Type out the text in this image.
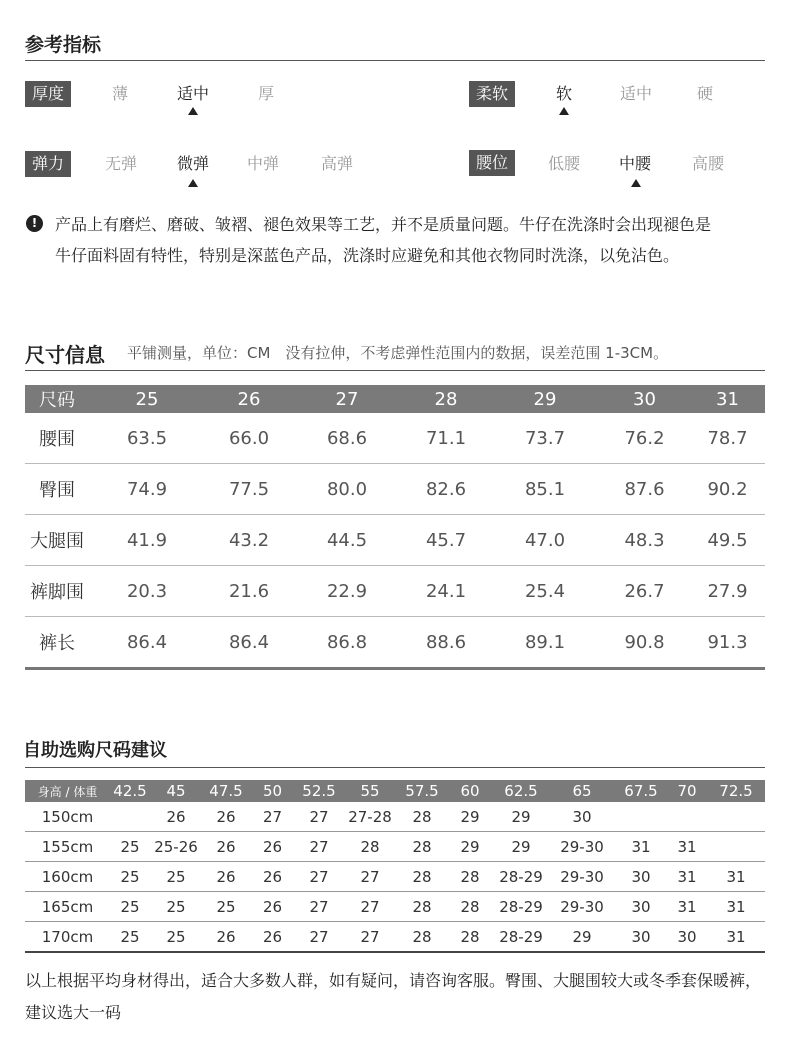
参考指标
厚度	薄	适中	厚	柔软	软	适中	硬
弹力	无弹	微弹	中弹	高弹	腰位	低腰	中腰	高腰
!	产品上有磨烂、磨破、皱褶、褪色效果等工艺，并不是质量问题。牛仔在洗涤时会出现褪色是
牛仔面料固有特性，特别是深蓝色产品，洗涤时应避免和其他衣物同时洗涤，以免沾色。
尺寸信息 平铺测量，单位：CM　没有拉伸，不考虑弹性范围内的数据，误差范围 1-3CM。
尺码	25	26	27	28	29	30	31
腰围	63.5	66.0	68.6	71.1	73.7	76.2	78.7
臀围	74.9	77.5	80.0	82.6	85.1	87.6	90.2
大腿围	41.9	43.2	44.5	45.7	47.0	48.3	49.5
裤脚围	20.3	21.6	22.9	24.1	25.4	26.7	27.9
裤长	86.4	86.4	86.8	88.6	89.1	90.8	91.3
自助选购尺码建议
身高 / 体重	42.5	45	47.5	50	52.5	55	57.5	60	62.5	65	67.5	70	72.5
150cm		26	26	27	27	27-28	28	29	29	30			
155cm	25	25-26	26	26	27	28	28	29	29	29-30	31	31	
160cm	25	25	26	26	27	27	28	28	28-29	29-30	30	31	31
165cm	25	25	25	26	27	27	28	28	28-29	29-30	30	31	31
170cm	25	25	26	26	27	27	28	28	28-29	29	30	30	31
以上根据平均身材得出，适合大多数人群，如有疑问，请咨询客服。臀围、大腿围较大或冬季套保暖裤，建议选大一码
